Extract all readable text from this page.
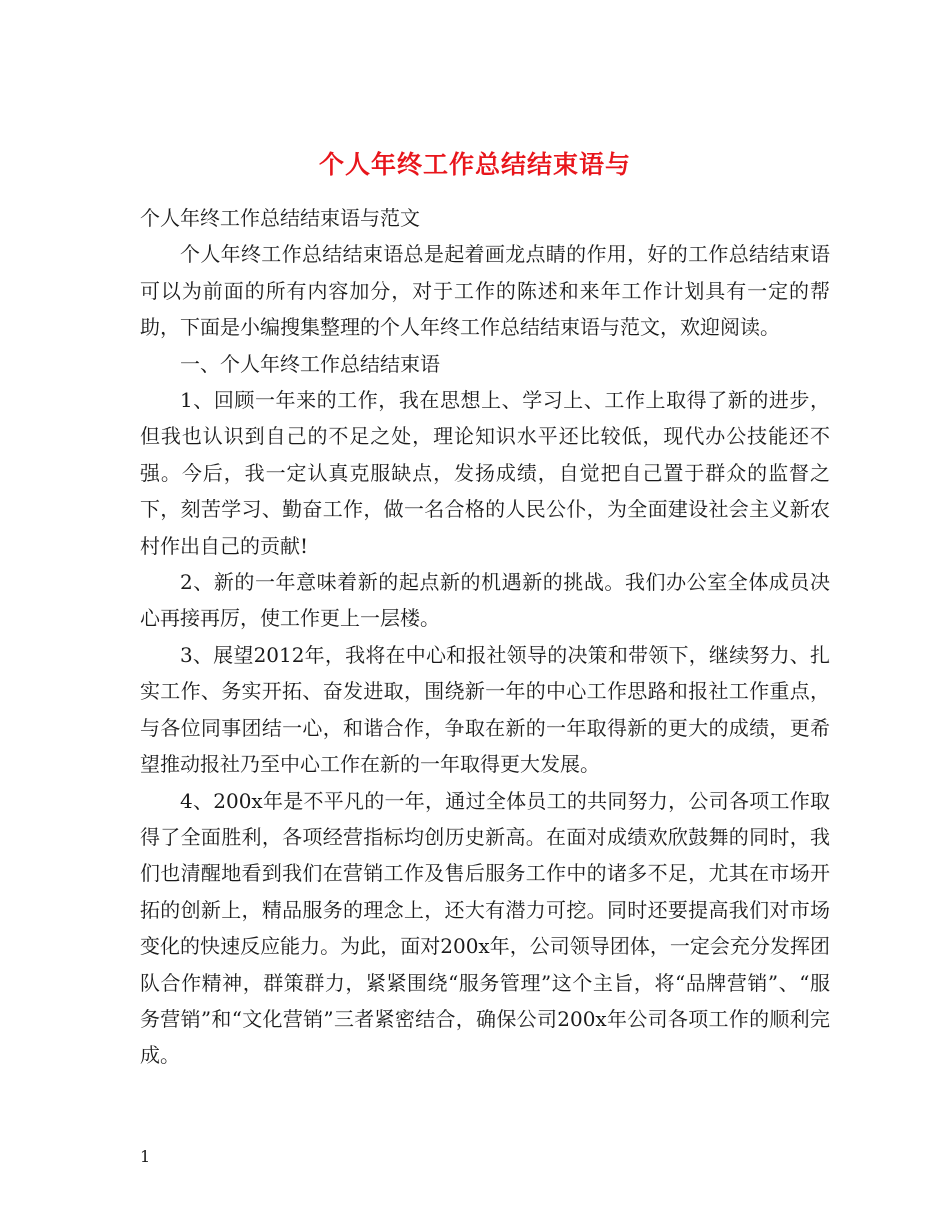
个人年终工作总结结束语与

个人年终工作总结结束语与范文

个人年终工作总结结束语总是起着画龙点睛的作用，好的工作总结结束语可以为前面的所有内容加分，对于工作的陈述和来年工作计划具有一定的帮助，下面是小编搜集整理的个人年终工作总结结束语与范文，欢迎阅读。

一、个人年终工作总结结束语

1、回顾一年来的工作，我在思想上、学习上、工作上取得了新的进步，但我也认识到自己的不足之处，理论知识水平还比较低，现代办公技能还不强。今后，我一定认真克服缺点，发扬成绩，自觉把自己置于群众的监督之下，刻苦学习、勤奋工作，做一名合格的人民公仆，为全面建设社会主义新农村作出自己的贡献!

2、新的一年意味着新的起点新的机遇新的挑战。我们办公室全体成员决心再接再厉，使工作更上一层楼。

3、展望2012年，我将在中心和报社领导的决策和带领下，继续努力、扎实工作、务实开拓、奋发进取，围绕新一年的中心工作思路和报社工作重点，与各位同事团结一心，和谐合作，争取在新的一年取得新的更大的成绩，更希望推动报社乃至中心工作在新的一年取得更大发展。

4、200x年是不平凡的一年，通过全体员工的共同努力，公司各项工作取得了全面胜利，各项经营指标均创历史新高。在面对成绩欢欣鼓舞的同时，我们也清醒地看到我们在营销工作及售后服务工作中的诸多不足，尤其在市场开拓的创新上，精品服务的理念上，还大有潜力可挖。同时还要提高我们对市场变化的快速反应能力。为此，面对200x年，公司领导团体，一定会充分发挥团队合作精神，群策群力，紧紧围绕“服务管理”这个主旨，将“品牌营销”、“服务营销”和“文化营销”三者紧密结合，确保公司200x年公司各项工作的顺利完成。

1
